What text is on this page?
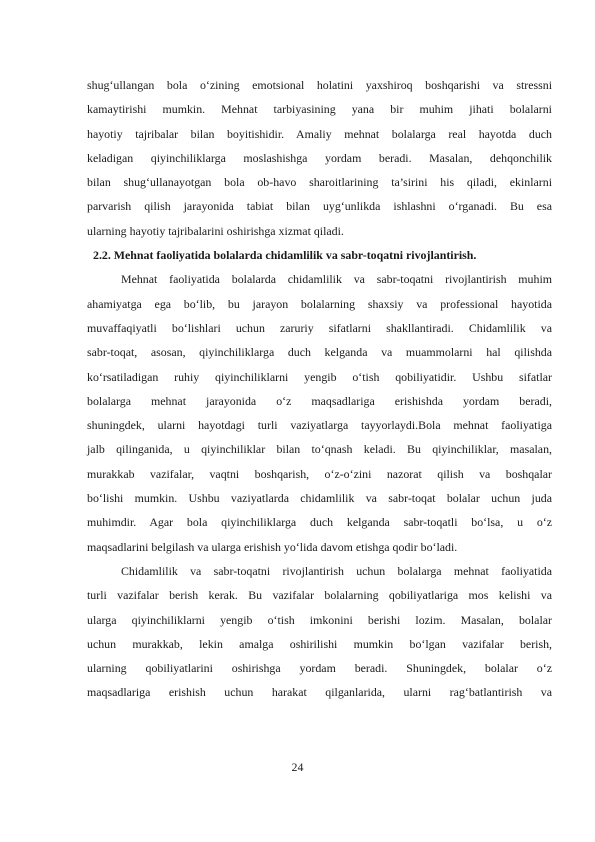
shug‘ullangan bola o‘zining emotsional holatini yaxshiroq boshqarishi va stressni
kamaytirishi mumkin. Mehnat tarbiyasining yana bir muhim jihati bolalarni
hayotiy tajribalar bilan boyitishidir. Amaliy mehnat bolalarga real hayotda duch
keladigan qiyinchiliklarga moslashishga yordam beradi. Masalan, dehqonchilik
bilan shug‘ullanayotgan bola ob-havo sharoitlarining ta’sirini his qiladi, ekinlarni
parvarish qilish jarayonida tabiat bilan uyg‘unlikda ishlashni o‘rganadi. Bu esa
ularning hayotiy tajribalarini oshirishga xizmat qiladi.
2.2. Mehnat faoliyatida bolalarda chidamlilik va sabr-toqatni rivojlantirish.
Mehnat faoliyatida bolalarda chidamlilik va sabr-toqatni rivojlantirish muhim
ahamiyatga ega bo‘lib, bu jarayon bolalarning shaxsiy va professional hayotida
muvaffaqiyatli bo‘lishlari uchun zaruriy sifatlarni shakllantiradi. Chidamlilik va
sabr-toqat, asosan, qiyinchiliklarga duch kelganda va muammolarni hal qilishda
ko‘rsatiladigan ruhiy qiyinchiliklarni yengib o‘tish qobiliyatidir. Ushbu sifatlar
bolalarga mehnat jarayonida o‘z maqsadlariga erishishda yordam beradi,
shuningdek, ularni hayotdagi turli vaziyatlarga tayyorlaydi.Bola mehnat faoliyatiga
jalb qilinganida, u qiyinchiliklar bilan to‘qnash keladi. Bu qiyinchiliklar, masalan,
murakkab vazifalar, vaqtni boshqarish, o‘z-o‘zini nazorat qilish va boshqalar
bo‘lishi mumkin. Ushbu vaziyatlarda chidamlilik va sabr-toqat bolalar uchun juda
muhimdir. Agar bola qiyinchiliklarga duch kelganda sabr-toqatli bo‘lsa, u o‘z
maqsadlarini belgilash va ularga erishish yo‘lida davom etishga qodir bo‘ladi.
Chidamlilik va sabr-toqatni rivojlantirish uchun bolalarga mehnat faoliyatida
turli vazifalar berish kerak. Bu vazifalar bolalarning qobiliyatlariga mos kelishi va
ularga qiyinchiliklarni yengib o‘tish imkonini berishi lozim. Masalan, bolalar
uchun murakkab, lekin amalga oshirilishi mumkin bo‘lgan vazifalar berish,
ularning qobiliyatlarini oshirishga yordam beradi. Shuningdek, bolalar o‘z
maqsadlariga erishish uchun harakat qilganlarida, ularni rag‘batlantirish va
24
